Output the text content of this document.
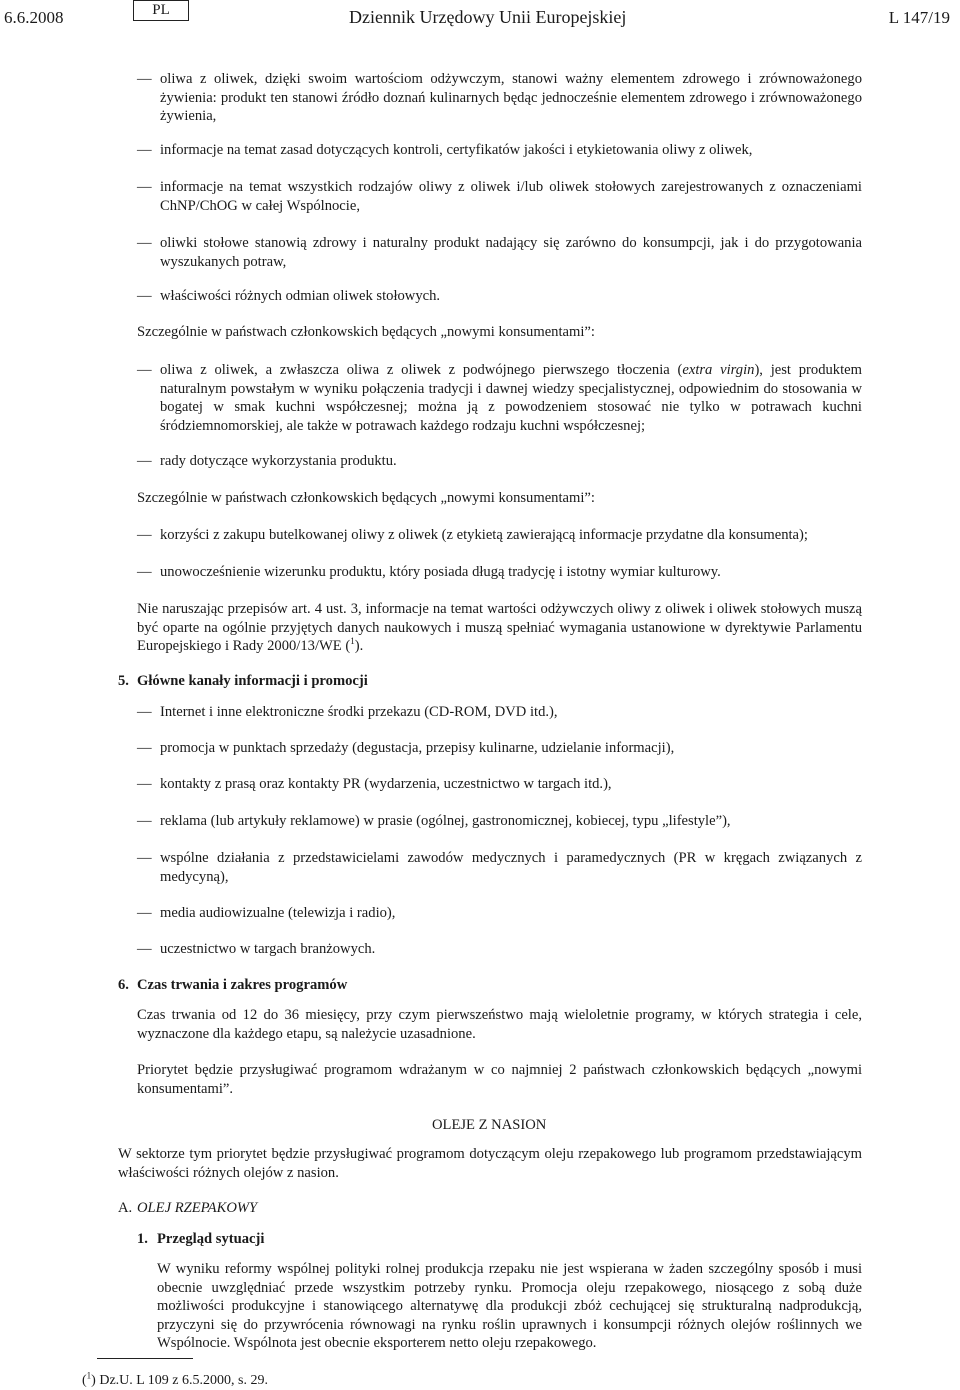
6.6.2008	PL	Dziennik Urzędowy Unii Europejskiej	L 147/19
— oliwa z oliwek, dzięki swoim wartościom odżywczym, stanowi ważny elementem zdrowego i zrównoważonego żywienia: produkt ten stanowi źródło doznań kulinarnych będąc jednocześnie elementem zdrowego i zrównoważonego żywienia,
— informacje na temat zasad dotyczących kontroli, certyfikatów jakości i etykietowania oliwy z oliwek,
— informacje na temat wszystkich rodzajów oliwy z oliwek i/lub oliwek stołowych zarejestrowanych z oznaczeniami ChNP/ChOG w całej Wspólnocie,
— oliwki stołowe stanowią zdrowy i naturalny produkt nadający się zarówno do konsumpcji, jak i do przygotowania wyszukanych potraw,
— właściwości różnych odmian oliwek stołowych.
Szczególnie w państwach członkowskich będących „nowymi konsumentami”:
— oliwa z oliwek, a zwłaszcza oliwa z oliwek z podwójnego pierwszego tłoczenia (extra virgin), jest produktem naturalnym powstałym w wyniku połączenia tradycji i dawnej wiedzy specjalistycznej, odpowiednim do stosowania w bogatej w smak kuchni współczesnej; można ją z powodzeniem stosować nie tylko w potrawach kuchni śródziemnomorskiej, ale także w potrawach każdego rodzaju kuchni współczesnej;
— rady dotyczące wykorzystania produktu.
Szczególnie w państwach członkowskich będących „nowymi konsumentami”:
— korzyści z zakupu butelkowanej oliwy z oliwek (z etykietą zawierającą informacje przydatne dla konsumenta);
— unowocześnienie wizerunku produktu, który posiada długą tradycję i istotny wymiar kulturowy.
Nie naruszając przepisów art. 4 ust. 3, informacje na temat wartości odżywczych oliwy z oliwek i oliwek stołowych muszą być oparte na ogólnie przyjętych danych naukowych i muszą spełniać wymagania ustanowione w dyrektywie Parlamentu Europejskiego i Rady 2000/13/WE ($^1$).
5. Główne kanały informacji i promocji
— Internet i inne elektroniczne środki przekazu (CD-ROM, DVD itd.),
— promocja w punktach sprzedaży (degustacja, przepisy kulinarne, udzielanie informacji),
— kontakty z prasą oraz kontakty PR (wydarzenia, uczestnictwo w targach itd.),
— reklama (lub artykuły reklamowe) w prasie (ogólnej, gastronomicznej, kobiecej, typu „lifestyle”),
— wspólne działania z przedstawicielami zawodów medycznych i paramedycznych (PR w kręgach związanych z medycyną),
— media audiowizualne (telewizja i radio),
— uczestnictwo w targach branżowych.
6. Czas trwania i zakres programów
Czas trwania od 12 do 36 miesięcy, przy czym pierwszeństwo mają wieloletnie programy, w których strategia i cele, wyznaczone dla każdego etapu, są należycie uzasadnione.
Priorytet będzie przysługiwać programom wdrażanym w co najmniej 2 państwach członkowskich będących „nowymi konsumentami”.
OLEJE Z NASION
W sektorze tym priorytet będzie przysługiwać programom dotyczącym oleju rzepakowego lub programom przedstawiającym właściwości różnych olejów z nasion.
A. OLEJ RZEPAKOWY
1. Przegląd sytuacji
W wyniku reformy wspólnej polityki rolnej produkcja rzepaku nie jest wspierana w żaden szczególny sposób i musi obecnie uwzględniać przede wszystkim potrzeby rynku. Promocja oleju rzepakowego, niosącego z sobą duże możliwości produkcyjne i stanowiącego alternatywę dla produkcji zbóż cechującej się strukturalną nadprodukcją, przyczyni się do przywrócenia równowagi na rynku roślin uprawnych i konsumpcji różnych olejów roślinnych we Wspólnocie. Wspólnota jest obecnie eksporterem netto oleju rzepakowego.
($^1$) Dz.U. L 109 z 6.5.2000, s. 29.
